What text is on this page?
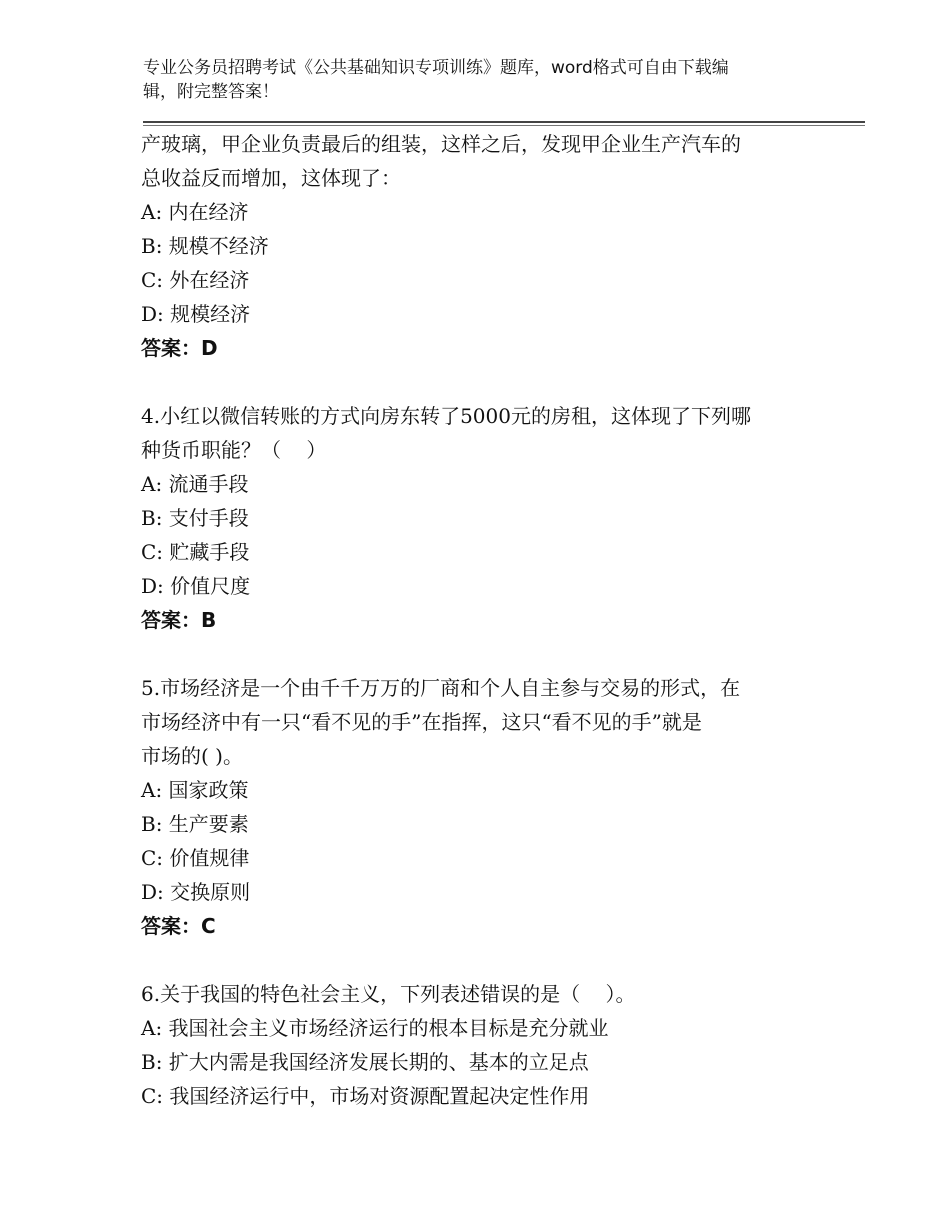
专业公务员招聘考试《公共基础知识专项训练》题库，word格式可自由下载编
辑，附完整答案！
产玻璃，甲企业负责最后的组装，这样之后，发现甲企业生产汽车的
总收益反而增加，这体现了：
A: 内在经济
B: 规模不经济
C: 外在经济
D: 规模经济
答案：D
4.小红以微信转账的方式向房东转了5000元的房租，这体现了下列哪
种货币职能？（    ）
A: 流通手段
B: 支付手段
C: 贮藏手段
D: 价值尺度
答案：B
5.市场经济是一个由千千万万的厂商和个人自主参与交易的形式，在
市场经济中有一只“看不见的手”在指挥，这只“看不见的手”就是
市场的( )。
A: 国家政策
B: 生产要素
C: 价值规律
D: 交换原则
答案：C
6.关于我国的特色社会主义，下列表述错误的是（    ）。
A: 我国社会主义市场经济运行的根本目标是充分就业
B: 扩大内需是我国经济发展长期的、基本的立足点
C: 我国经济运行中，市场对资源配置起决定性作用
